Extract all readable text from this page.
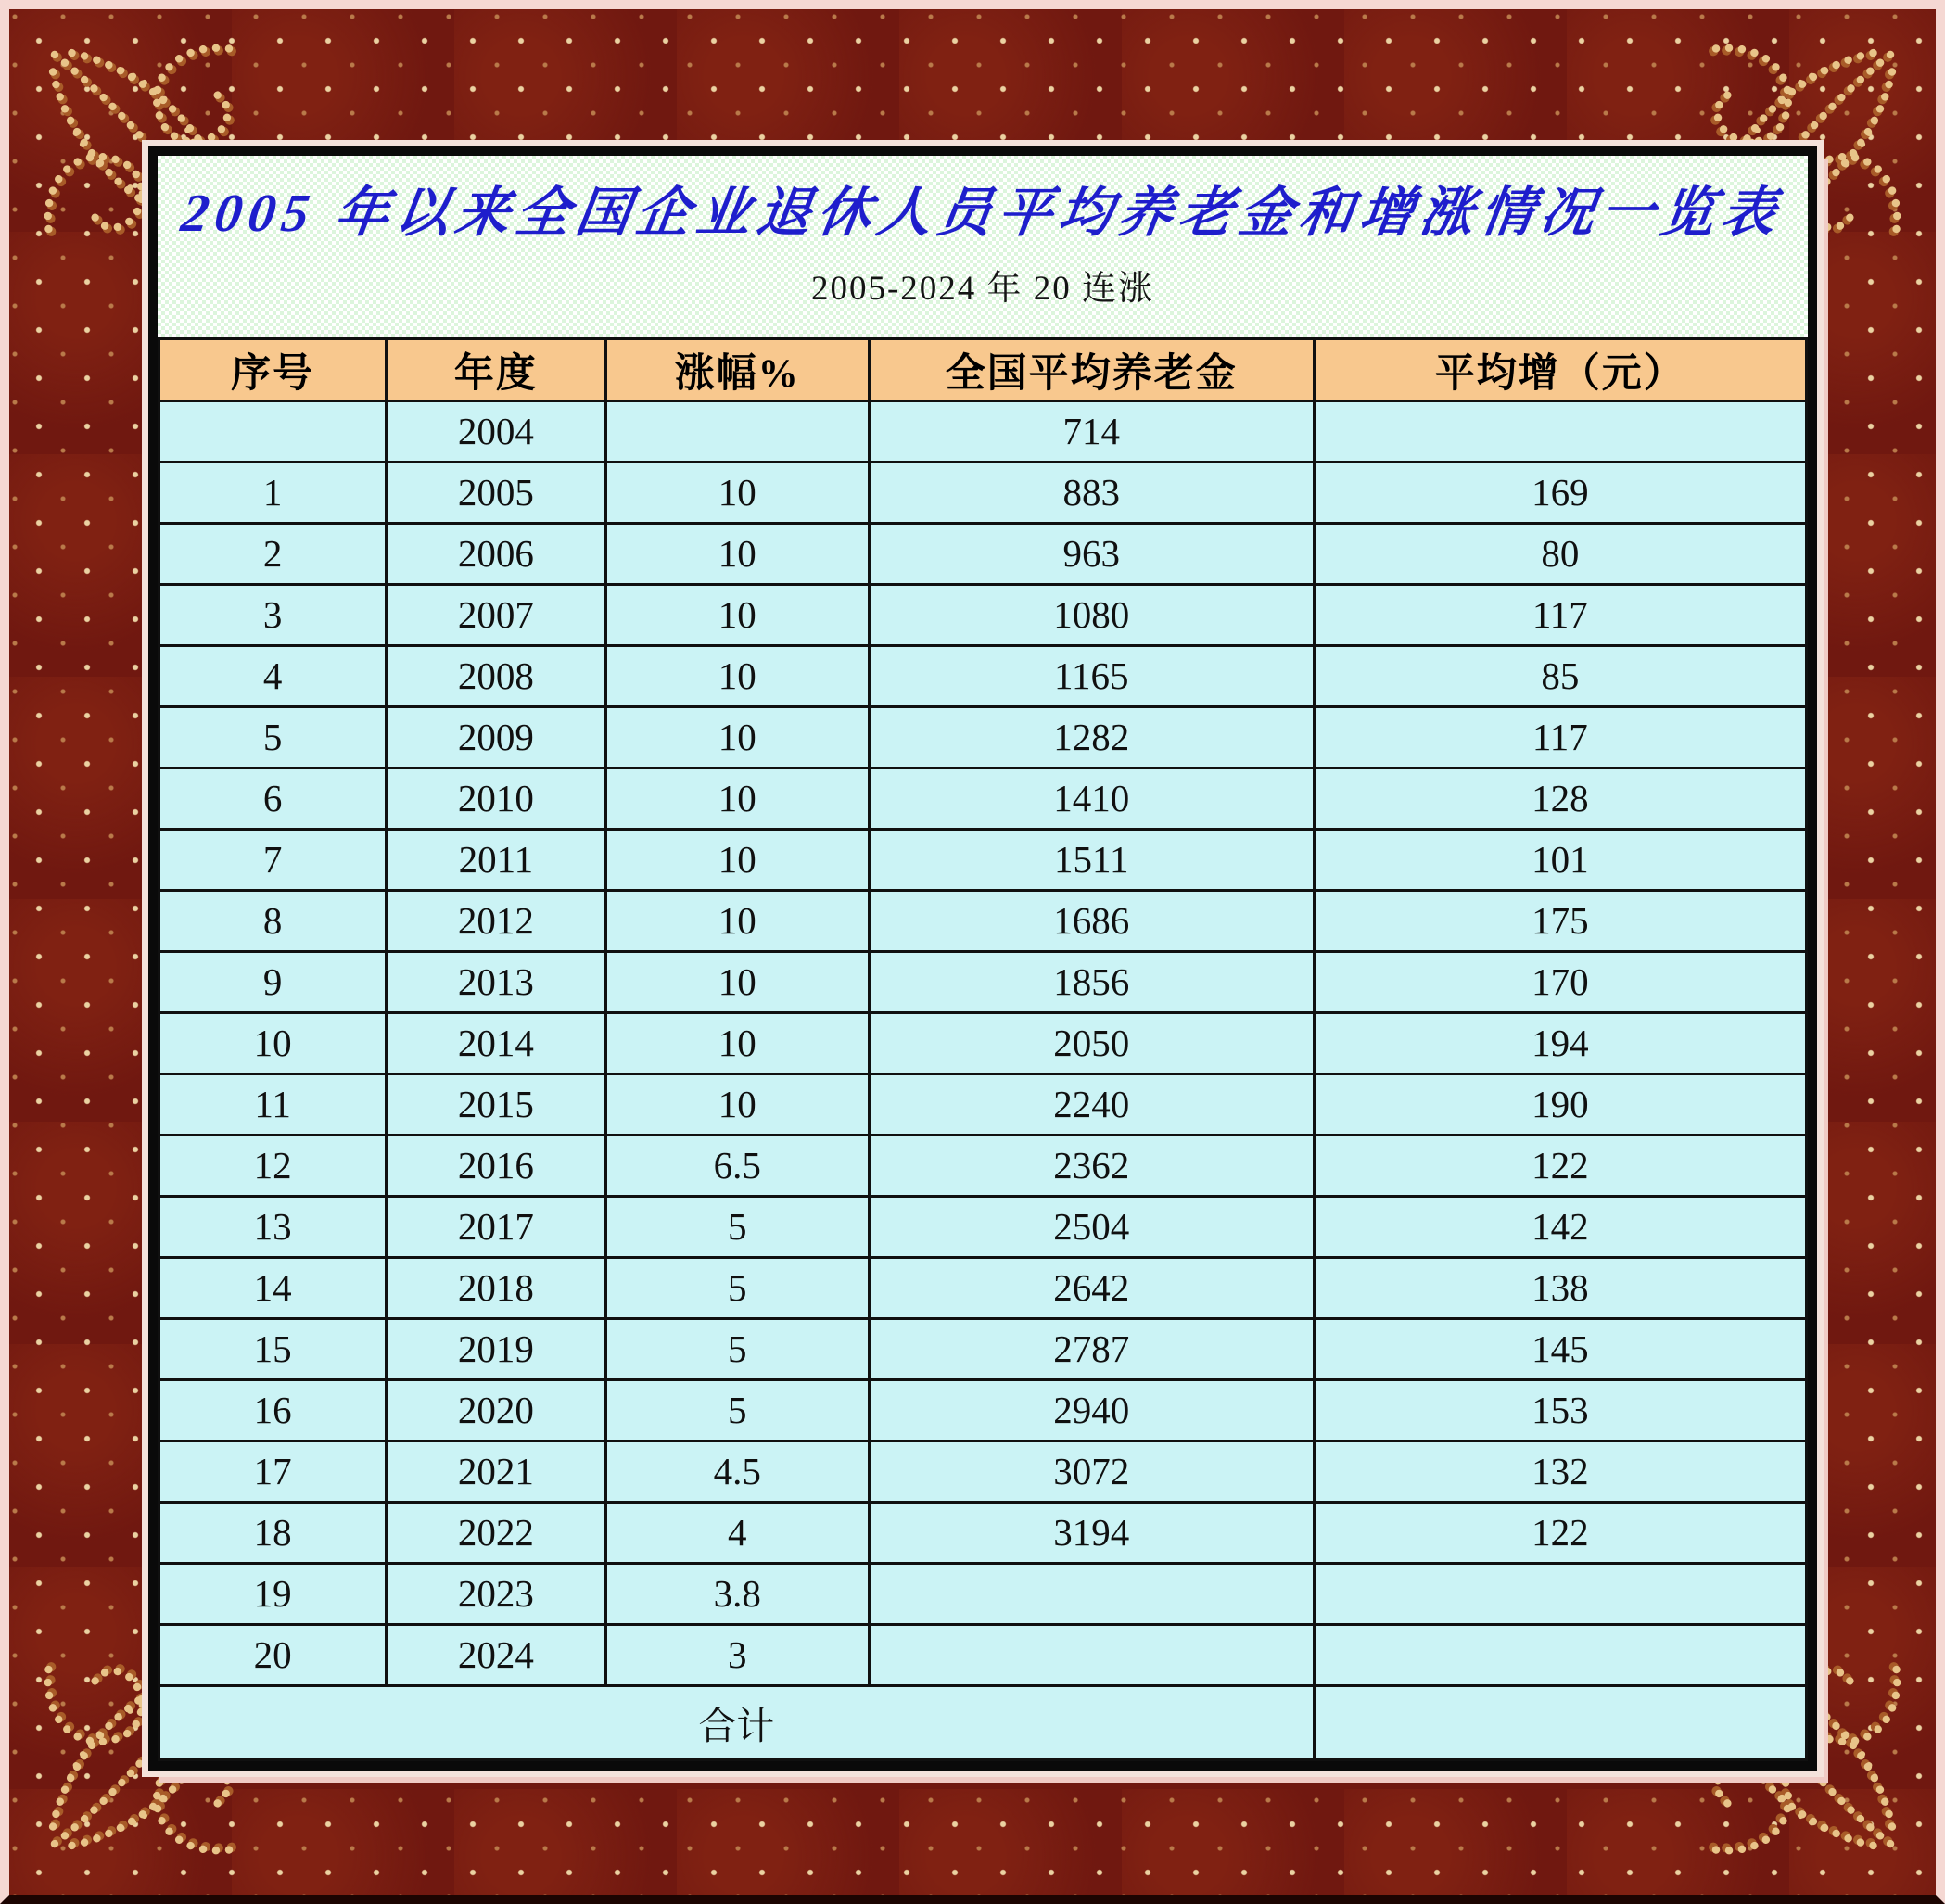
2005 年以来全国企业退休人员平均养老金和增涨情况一览表
2005-2024 年 20 连涨
序号	年度	涨幅%	全国平均养老金	平均增（元）
	2004		714	
1	2005	10	883	169
2	2006	10	963	80
3	2007	10	1080	117
4	2008	10	1165	85
5	2009	10	1282	117
6	2010	10	1410	128
7	2011	10	1511	101
8	2012	10	1686	175
9	2013	10	1856	170
10	2014	10	2050	194
11	2015	10	2240	190
12	2016	6.5	2362	122
13	2017	5	2504	142
14	2018	5	2642	138
15	2019	5	2787	145
16	2020	5	2940	153
17	2021	4.5	3072	132
18	2022	4	3194	122
19	2023	3.8		
20	2024	3		
合计				
